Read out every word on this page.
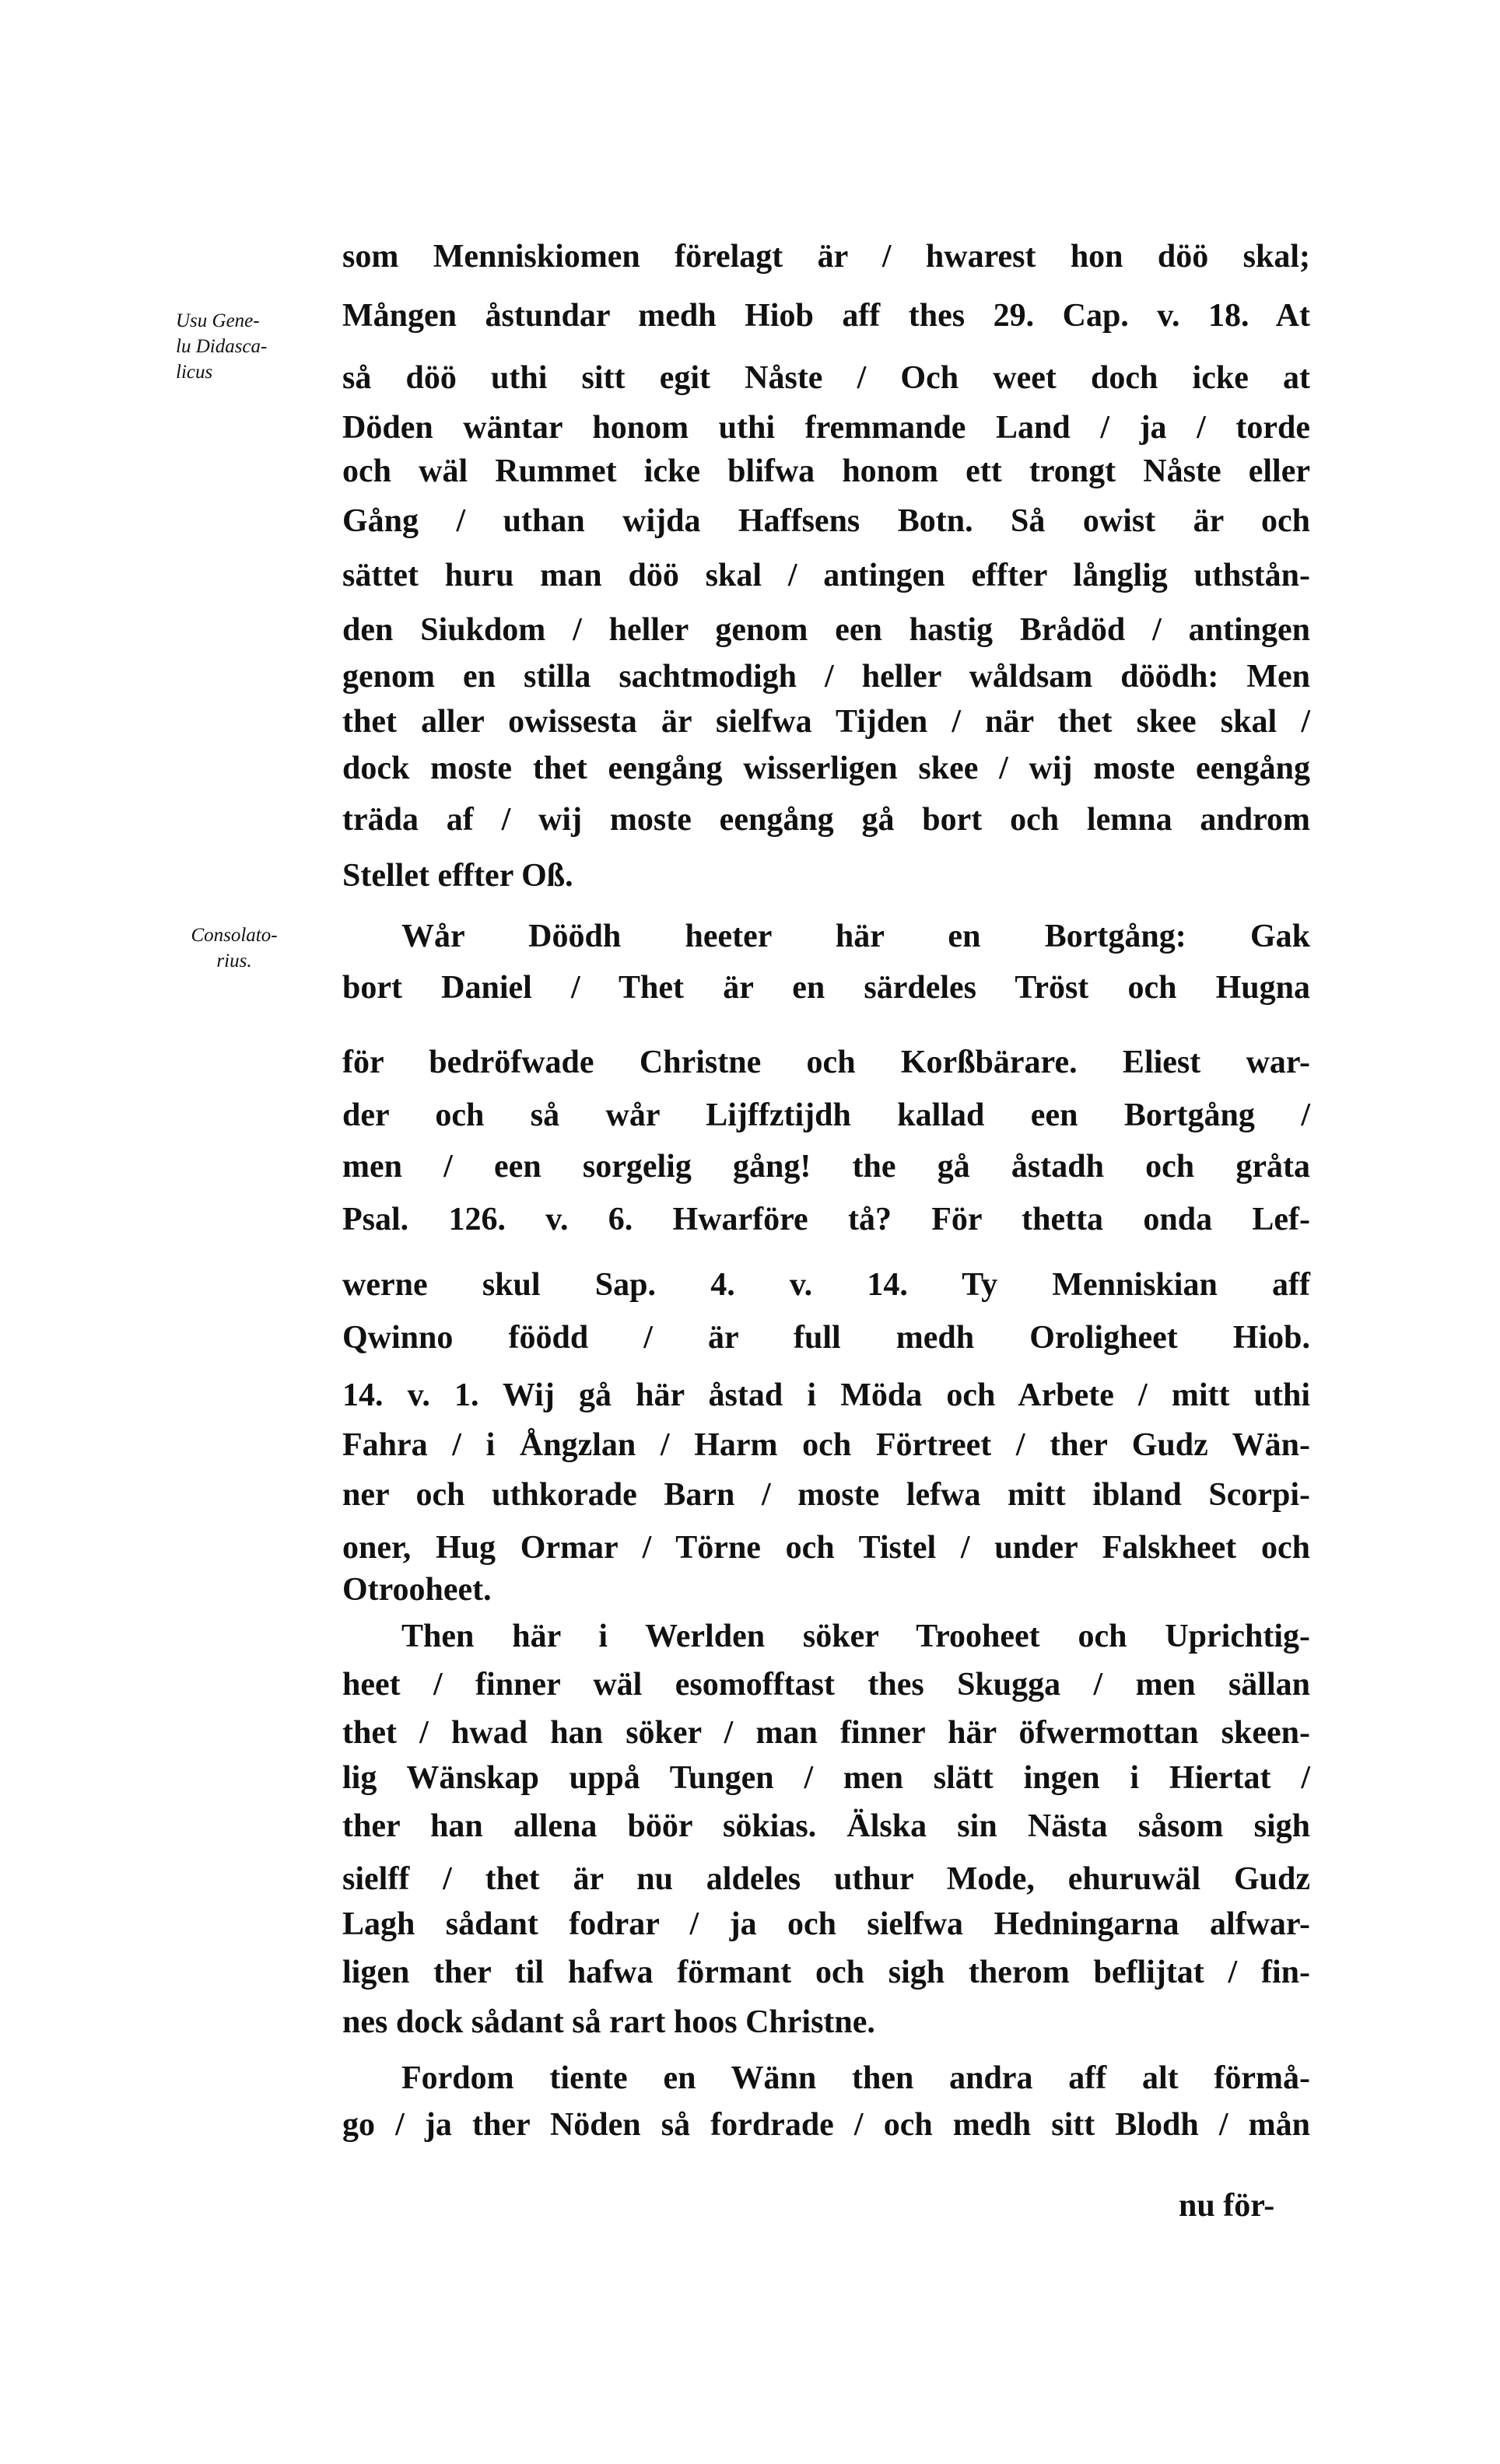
Usu Gene-
lu Didasca-
licus
Consolato-
rius.
som Menniskiomen förelagt är / hwarest hon döö skal;
Mången åstundar medh Hiob aff thes 29. Cap. v. 18. At
så döö uthi sitt egit Nåste / Och weet doch icke at
Döden wäntar honom uthi fremmande Land / ja / torde
och wäl Rummet icke blifwa honom ett trongt Nåste eller
Gång / uthan wijda Haffsens Botn. Så owist är och
sättet huru man döö skal / antingen effter långlig uthstån-
den Siukdom / heller genom een hastig Brådöd / antingen
genom en stilla sachtmodigh / heller wåldsam döödh: Men
thet aller owissesta är sielfwa Tijden / när thet skee skal /
dock moste thet eengång wisserligen skee / wij moste eengång
träda af / wij moste eengång gå bort och lemna androm
Stellet effter Oß.
Wår Döödh heeter här en Bortgång: Gak
bort Daniel / Thet är en särdeles Tröst och Hugna
för bedröfwade Christne och Korßbärare. Eliest war-
der och så wår Lijffztijdh kallad een Bortgång /
men / een sorgelig gång! the gå åstadh och gråta
Psal. 126. v. 6. Hwarföre tå? För thetta onda Lef-
werne skul Sap. 4. v. 14. Ty Menniskian aff
Qwinno föödd / är full medh Oroligheet Hiob.
14. v. 1. Wij gå här åstad i Möda och Arbete / mitt uthi
Fahra / i Ångzlan / Harm och Förtreet / ther Gudz Wän-
ner och uthkorade Barn / moste lefwa mitt ibland Scorpi-
oner, Hug Ormar / Törne och Tistel / under Falskheet och
Otrooheet.
Then här i Werlden söker Trooheet och Uprichtig-
heet / finner wäl esomofftast thes Skugga / men sällan
thet / hwad han söker / man finner här öfwermottan skeen-
lig Wänskap uppå Tungen / men slätt ingen i Hiertat /
ther han allena böör sökias. Älska sin Nästa såsom sigh
sielff / thet är nu aldeles uthur Mode, ehuruwäl Gudz
Lagh sådant fodrar / ja och sielfwa Hedningarna alfwar-
ligen ther til hafwa förmant och sigh therom beflijtat / fin-
nes dock sådant så rart hoos Christne.
Fordom tiente en Wänn then andra aff alt förmå-
go / ja ther Nöden så fordrade / och medh sitt Blodh / mån
nu för-
